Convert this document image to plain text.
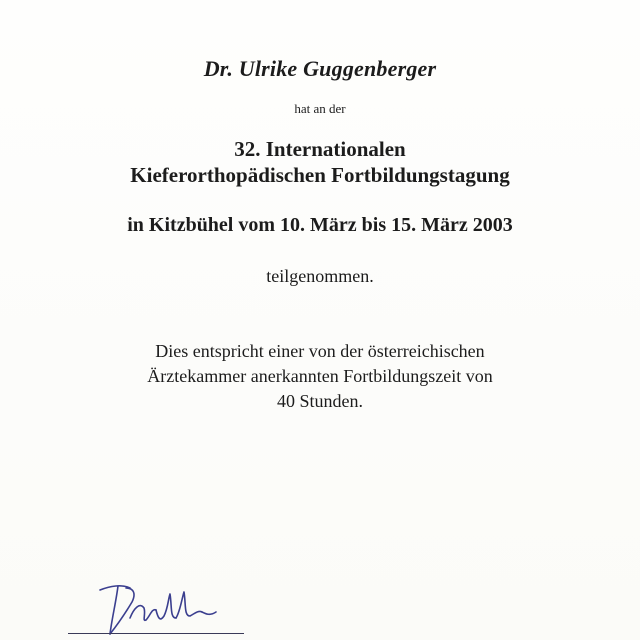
Dr. Ulrike Guggenberger
hat an der
32. Internationalen
Kieferorthopädischen Fortbildungstagung
in Kitzbühel vom 10. März bis 15. März 2003
teilgenommen.
Dies entspricht einer von der österreichischen
Ärztekammer anerkannten Fortbildungszeit von
40 Stunden.
